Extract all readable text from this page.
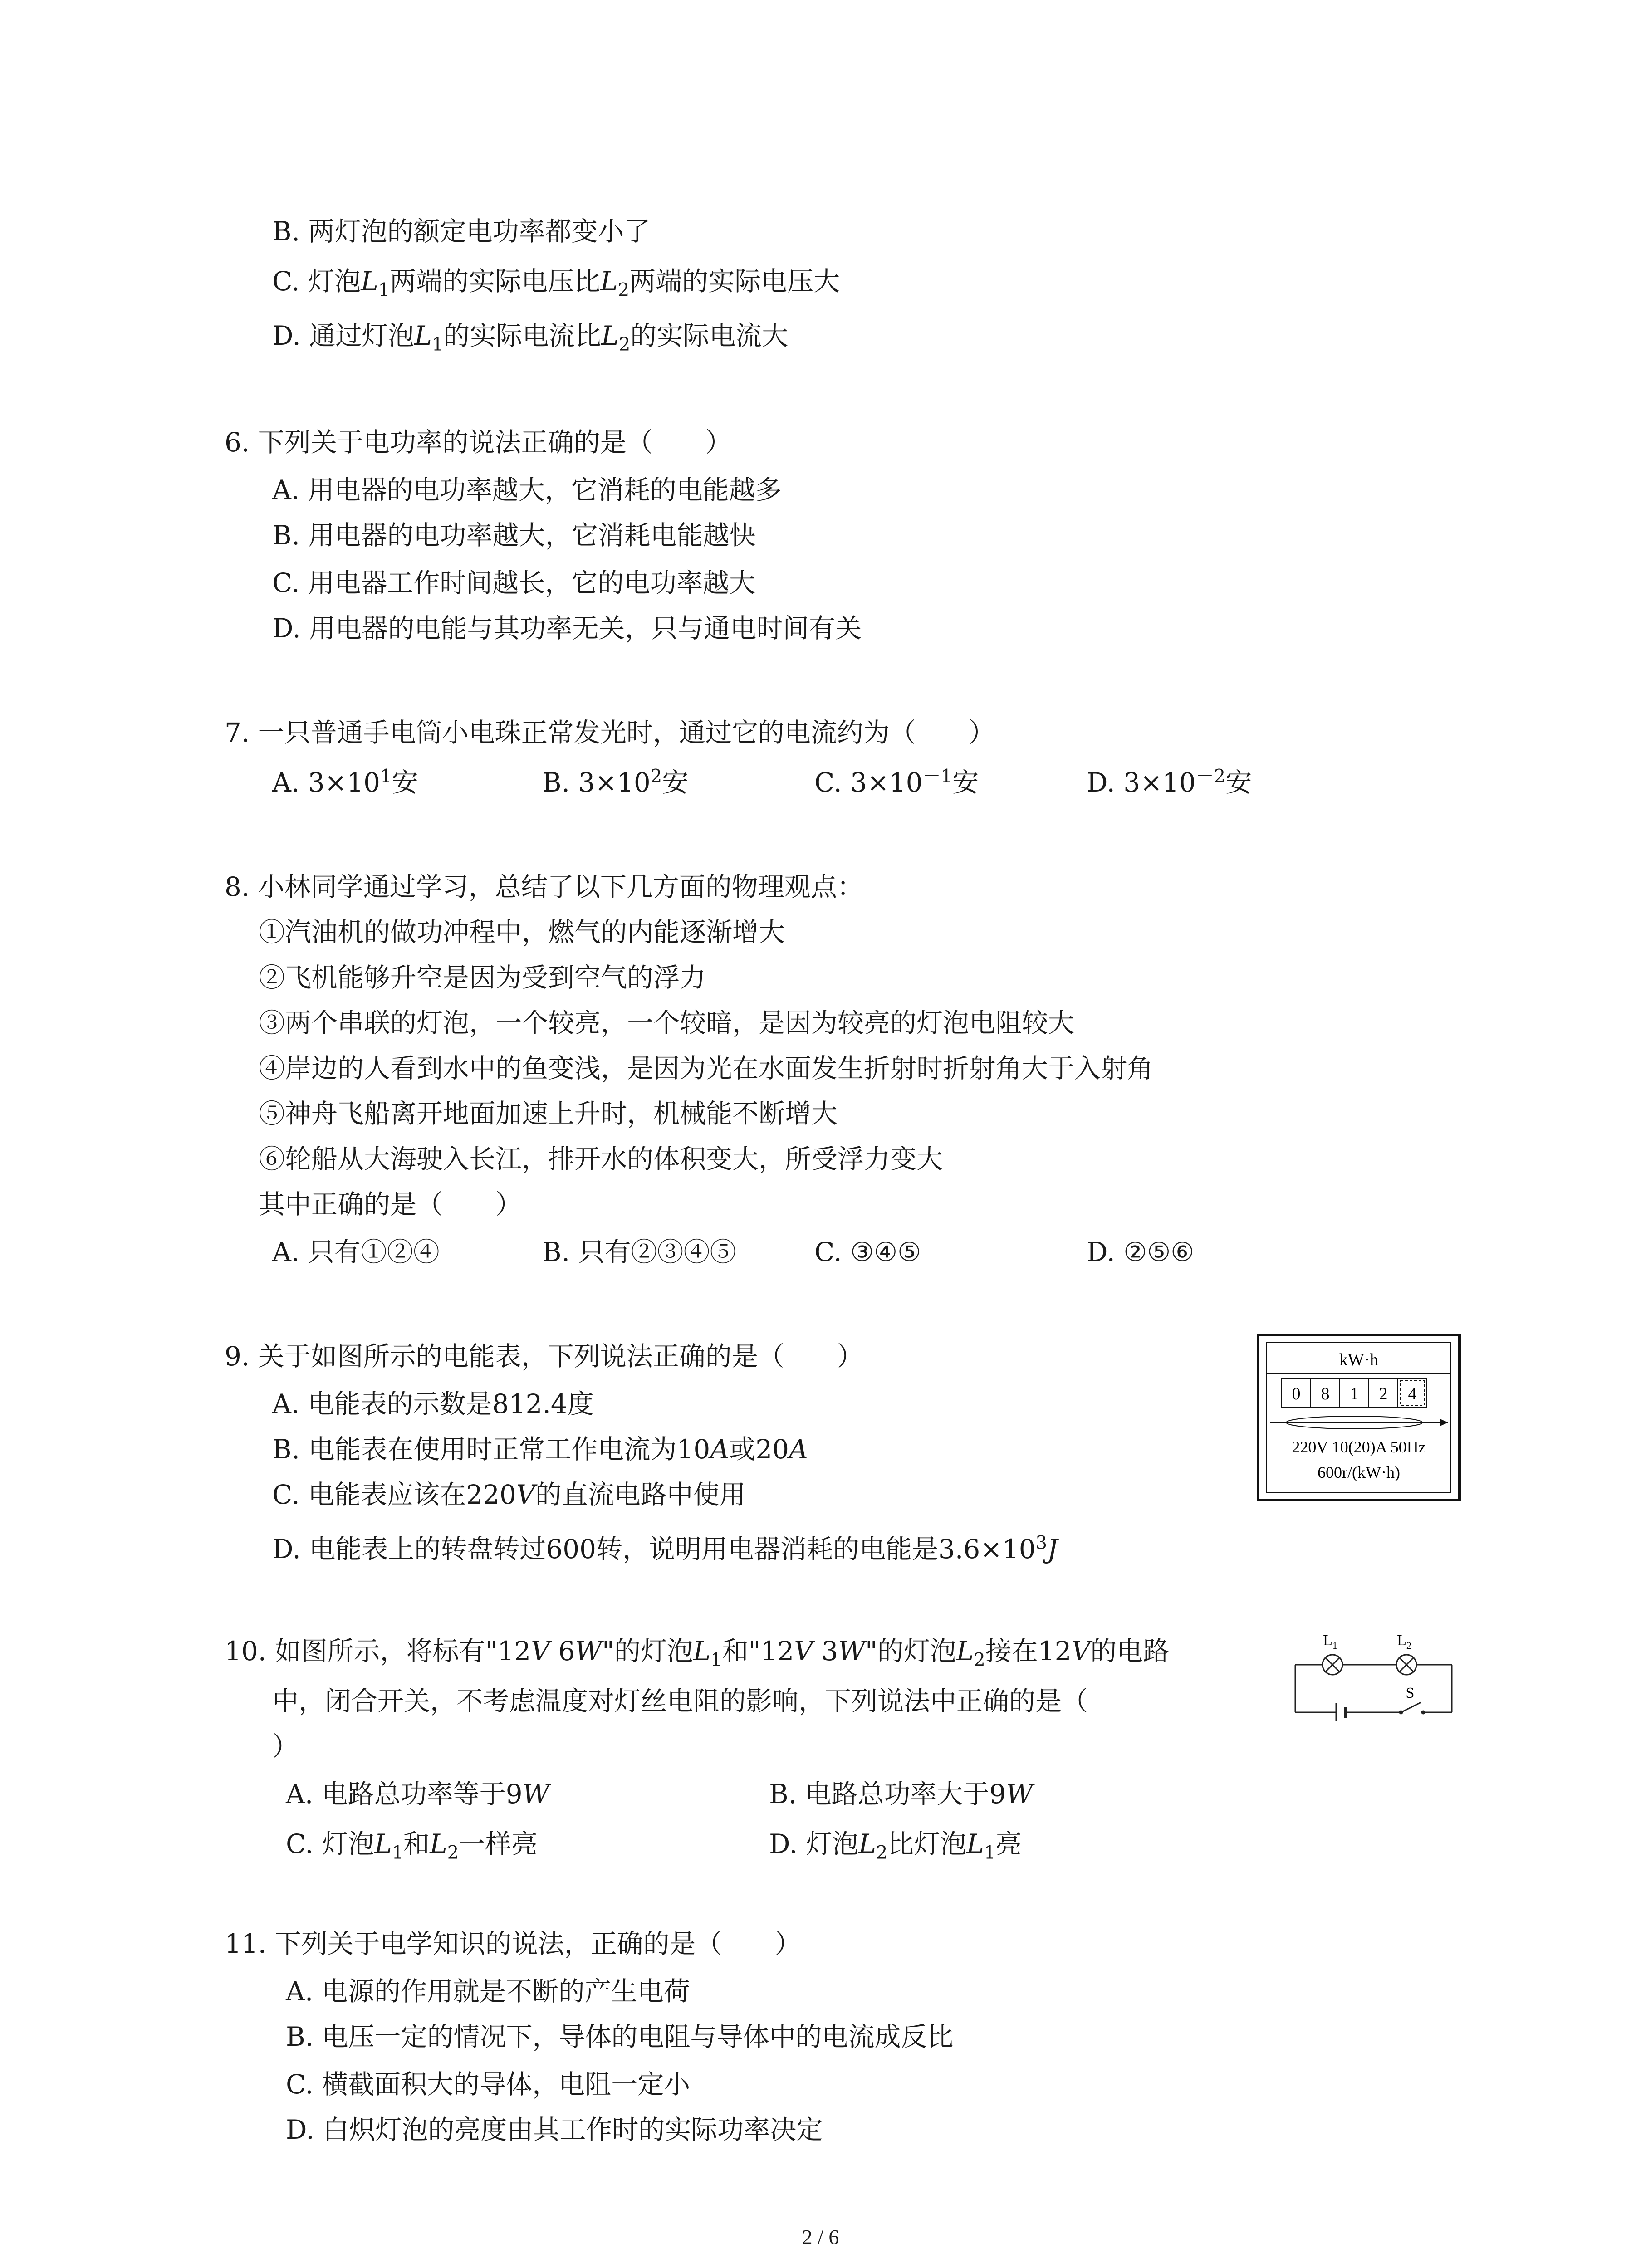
B. 两灯泡的额定电功率都变小了
C. 灯泡$L_1$两端的实际电压比$L_2$两端的实际电压大
D. 通过灯泡$L_1$的实际电流比$L_2$的实际电流大
6. 下列关于电功率的说法正确的是（　　）
A. 用电器的电功率越大，它消耗的电能越多
B. 用电器的电功率越大，它消耗电能越快
C. 用电器工作时间越长，它的电功率越大
D. 用电器的电能与其功率无关，只与通电时间有关
7. 一只普通手电筒小电珠正常发光时，通过它的电流约为（　　）
A. $3\times 10^1$安	B. $3\times 10^2$安	C. $3\times 10^{-1}$安	D. $3\times 10^{-2}$安
8. 小林同学通过学习，总结了以下几方面的物理观点：
①汽油机的做功冲程中，燃气的内能逐渐增大
②飞机能够升空是因为受到空气的浮力
③两个串联的灯泡，一个较亮，一个较暗，是因为较亮的灯泡电阻较大
④岸边的人看到水中的鱼变浅，是因为光在水面发生折射时折射角大于入射角
⑤神舟飞船离开地面加速上升时，机械能不断增大
⑥轮船从大海驶入长江，排开水的体积变大，所受浮力变大
其中正确的是（　　）
A. 只有①②④	B. 只有②③④⑤	C. ③④⑤	D. ②⑤⑥
9. 关于如图所示的电能表，下列说法正确的是（　　）
A. 电能表的示数是812.4度
B. 电能表在使用时正常工作电流为10A或20A
C. 电能表应该在220V的直流电路中使用
D. 电能表上的转盘转过600转，说明用电器消耗的电能是$3.6\times 10^3J$
kW·h
0 8 1 2 4
220V 10(20)A 50Hz
600r/(kW·h)
10. 如图所示，将标有"12V 6W"的灯泡$L_1$和"12V 3W"的灯泡$L_2$接在12V的电路
中，闭合开关，不考虑温度对灯丝电阻的影响，下列说法中正确的是（
）
A. 电路总功率等于9W	B. 电路总功率大于9W
C. 灯泡$L_1$和$L_2$一样亮	D. 灯泡$L_2$比灯泡$L_1$亮
$L_1$	$L_2$
S
11. 下列关于电学知识的说法，正确的是（　　）
A. 电源的作用就是不断的产生电荷
B. 电压一定的情况下，导体的电阻与导体中的电流成反比
C. 横截面积大的导体，电阻一定小
D. 白炽灯泡的亮度由其工作时的实际功率决定
2 / 6
